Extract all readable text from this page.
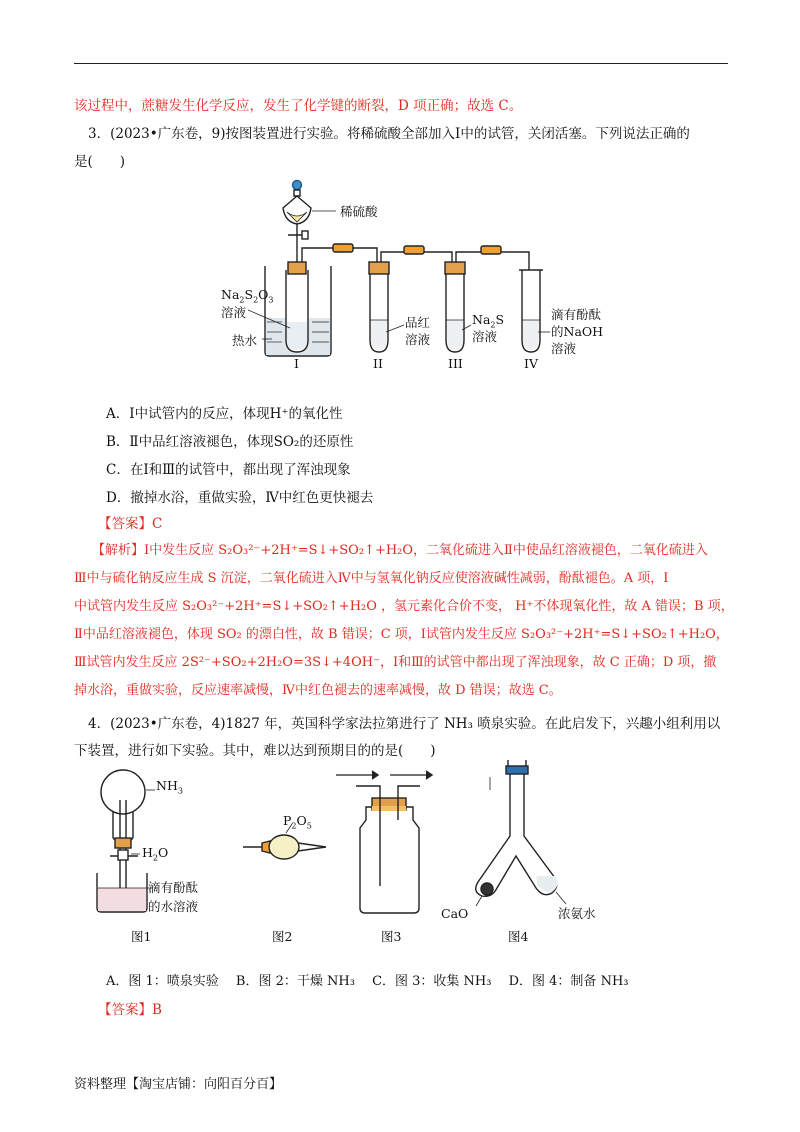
该过程中，蔗糖发生化学反应，发生了化学键的断裂，D 项正确；故选 C。
3．(2023•广东卷，9)按图装置进行实验。将稀硫酸全部加入Ⅰ中的试管，关闭活塞。下列说法正确的
是(　　)
稀硫酸
$Na_2S_2O_3$
溶液
热水
品红
溶液
$Na_2S$
溶液
滴有酚酞
的NaOH
溶液
I	II	III	IV
A．Ⅰ中试管内的反应，体现H⁺的氧化性
B．Ⅱ中品红溶液褪色，体现SO₂的还原性
C．在Ⅰ和Ⅲ的试管中，都出现了浑浊现象
D．撤掉水浴，重做实验，Ⅳ中红色更快褪去
【答案】C
【解析】Ⅰ中发生反应 S₂O₃²⁻+2H⁺=S↓+SO₂↑+H₂O，二氧化硫进入Ⅱ中使品红溶液褪色，二氧化硫进入
Ⅲ中与硫化钠反应生成 S 沉淀，二氧化硫进入Ⅳ中与氢氧化钠反应使溶液碱性减弱，酚酞褪色。A 项，Ⅰ
中试管内发生反应 S₂O₃²⁻+2H⁺=S↓+SO₂↑+H₂O ，氢元素化合价不变， H⁺不体现氧化性，故 A 错误；B 项，
Ⅱ中品红溶液褪色，体现 SO₂ 的漂白性，故 B 错误；C 项，Ⅰ试管内发生反应 S₂O₃²⁻+2H⁺=S↓+SO₂↑+H₂O，
Ⅲ试管内发生反应 2S²⁻+SO₂+2H₂O=3S↓+4OH⁻，Ⅰ和Ⅲ的试管中都出现了浑浊现象，故 C 正确；D 项，撤
掉水浴，重做实验，反应速率减慢，Ⅳ中红色褪去的速率减慢，故 D 错误；故选 C。
4．(2023•广东卷，4)1827 年，英国科学家法拉第进行了 NH₃ 喷泉实验。在此启发下，兴趣小组利用以
下装置，进行如下实验。其中，难以达到预期目的的是(　　)
$NH_3$
$H_2O$
滴有酚酞
的水溶液
$P_2O_5$
CaO	浓氨水
图1	图2	图3	图4
A．图 1：喷泉实验　 B．图 2：干燥 NH₃　 C．图 3：收集 NH₃　 D．图 4：制备 NH₃
【答案】B
资料整理【淘宝店铺：向阳百分百】
